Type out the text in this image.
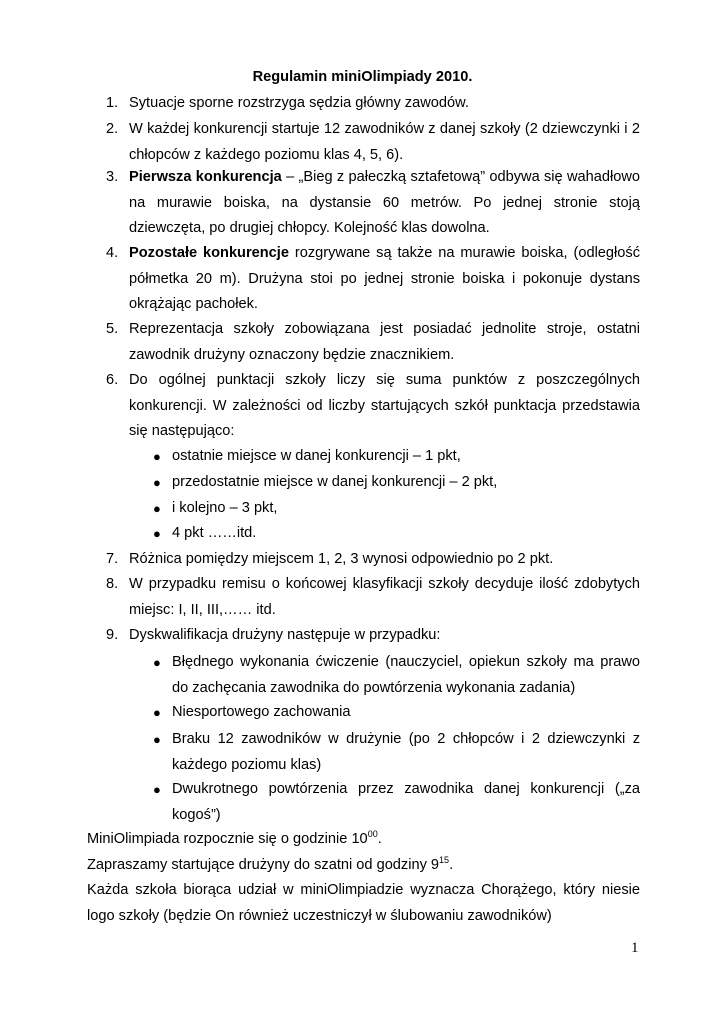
Regulamin miniOlimpiady 2010.

1. Sytuacje sporne rozstrzyga sędzia główny zawodów.

2. W każdej konkurencji startuje 12 zawodników z danej szkoły (2 dziewczynki i 2 chłopców z każdego poziomu klas 4, 5, 6).

3. Pierwsza konkurencja – „Bieg z pałeczką sztafetową” odbywa się wahadłowo na murawie boiska, na dystansie 60 metrów. Po jednej stronie stoją dziewczęta, po drugiej chłopcy. Kolejność klas dowolna.

4. Pozostałe konkurencje rozgrywane są także na murawie boiska, (odległość półmetka 20 m). Drużyna stoi po jednej stronie boiska i pokonuje dystans okrążając pachołek.

5. Reprezentacja szkoły zobowiązana jest posiadać jednolite stroje, ostatni zawodnik drużyny oznaczony będzie znacznikiem.

6. Do ogólnej punktacji szkoły liczy się suma punktów z poszczególnych konkurencji. W zależności od liczby startujących szkół punktacja przedstawia się następująco:

● ostatnie miejsce w danej konkurencji – 1 pkt,

● przedostatnie miejsce w danej konkurencji – 2 pkt,

● i kolejno – 3 pkt,

● 4 pkt ……itd.

7. Różnica pomiędzy miejscem 1, 2, 3 wynosi odpowiednio po 2 pkt.

8. W przypadku remisu o końcowej klasyfikacji szkoły decyduje ilość zdobytych miejsc: I, II, III,…… itd.

9. Dyskwalifikacja drużyny następuje w przypadku:

● Błędnego wykonania ćwiczenie (nauczyciel, opiekun szkoły ma prawo do zachęcania zawodnika do powtórzenia wykonania zadania)

● Niesportowego zachowania

● Braku 12 zawodników w drużynie (po 2 chłopców i 2 dziewczynki z każdego poziomu klas)

● Dwukrotnego powtórzenia przez zawodnika danej konkurencji („za kogoś”)

MiniOlimpiada rozpocznie się o godzinie $10^{00}$.

Zapraszamy startujące drużyny do szatni od godziny $9^{15}$.

Każda szkoła biorąca udział w miniOlimpiadzie wyznacza Chorążego, który niesie logo szkoły (będzie On również uczestniczył w ślubowaniu zawodników)

1
